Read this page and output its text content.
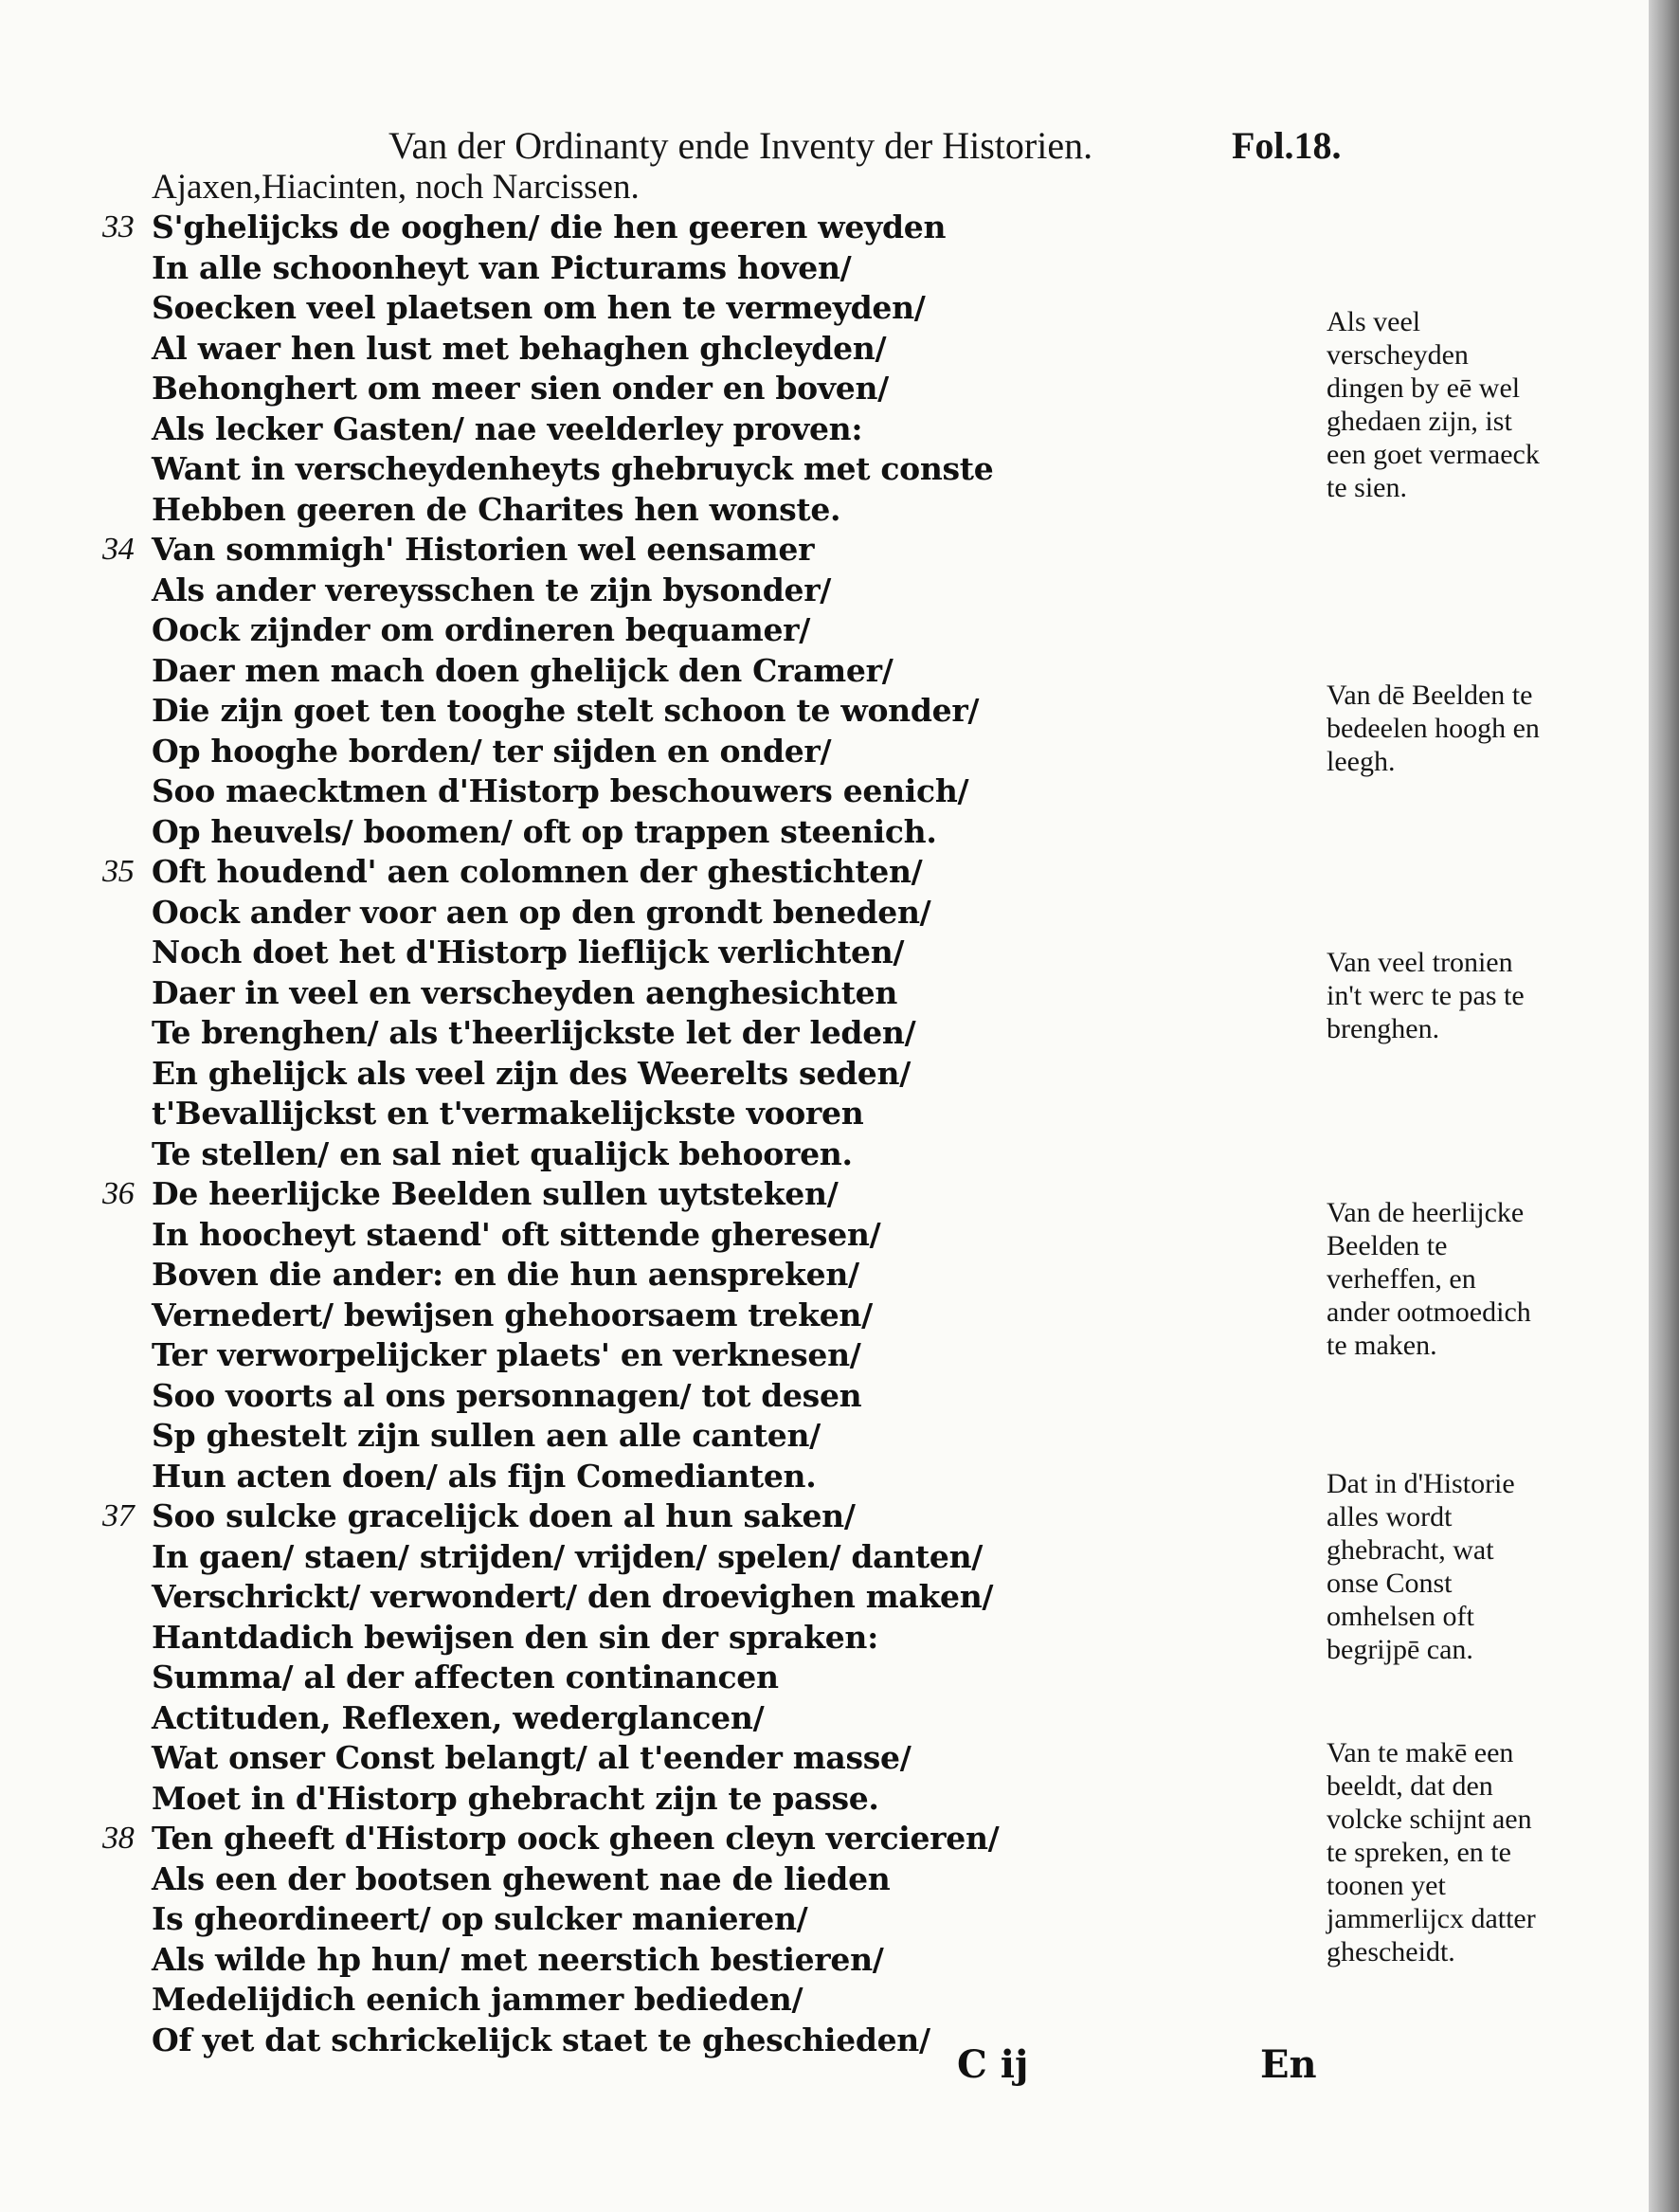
Van der Ordinanty ende Inventy der Historien.	Fol.18.
Ajaxen,Hiacinten, noch Narcissen.
33 S'ghelijcks de ooghen/ die hen geeren weyden
In alle schoonheyt van Picturams hoven/
Soecken veel plaetsen om hen te vermeyden/
Al waer hen lust met behaghen ghcleyden/
Behonghert om meer sien onder en boven/
Als lecker Gasten/ nae veelderley proven:
Want in verscheydenheyts ghebruyck met conste
Hebben geeren de Charites hen wonste.
34 Van sommigh' Historien wel eensamer
Als ander vereysschen te zijn bysonder/
Oock zijnder om ordineren bequamer/
Daer men mach doen ghelijck den Cramer/
Die zijn goet ten tooghe stelt schoon te wonder/
Op hooghe borden/ ter sijden en onder/
Soo maecktmen d'Historp beschouwers eenich/
Op heuvels/ boomen/ oft op trappen steenich.
35 Oft houdend' aen colomnen der ghestichten/
Oock ander voor aen op den grondt beneden/
Noch doet het d'Historp lieflijck verlichten/
Daer in veel en verscheyden aenghesichten
Te brenghen/ als t'heerlijckste let der leden/
En ghelijck als veel zijn des Weerelts seden/
t'Bevallijckst en t'vermakelijckste vooren
Te stellen/ en sal niet qualijck behooren.
36 De heerlijcke Beelden sullen uytsteken/
In hoocheyt staend' oft sittende gheresen/
Boven die ander: en die hun aenspreken/
Vernedert/ bewijsen ghehoorsaem treken/
Ter verworpelijcker plaets' en verknesen/
Soo voorts al ons personnagen/ tot desen
Sp ghestelt zijn sullen aen alle canten/
Hun acten doen/ als fijn Comedianten.
37 Soo sulcke gracelijck doen al hun saken/
In gaen/ staen/ strijden/ vrijden/ spelen/ danten/
Verschrickt/ verwondert/ den droevighen maken/
Hantdadich bewijsen den sin der spraken:
Summa/ al der affecten continancen
Actituden, Reflexen, wederglancen/
Wat onser Const belangt/ al t'eender masse/
Moet in d'Historp ghebracht zijn te passe.
38 Ten gheeft d'Historp oock gheen cleyn vercieren/
Als een der bootsen ghewent nae de lieden
Is gheordineert/ op sulcker manieren/
Als wilde hp hun/ met neerstich bestieren/
Medelijdich eenich jammer bedieden/
Of yet dat schrickelijck staet te gheschieden/
Als veel verscheyden dingen by eē wel ghedaen zijn, ist een goet vermaeck te sien.
Van dē Beelden te bedeelen hoogh en leegh.
Van veel tronien in't werc te pas te brenghen.
Van de heerlijcke Beelden te verheffen, en ander ootmoedich te maken.
Dat in d'Historie alles wordt ghebracht, wat onse Const omhelsen oft begrijpē can.
Van te makē een beeldt, dat den volcke schijnt aen te spreken, en te toonen yet jammerlijcx datter ghescheidt.
C ij	En
